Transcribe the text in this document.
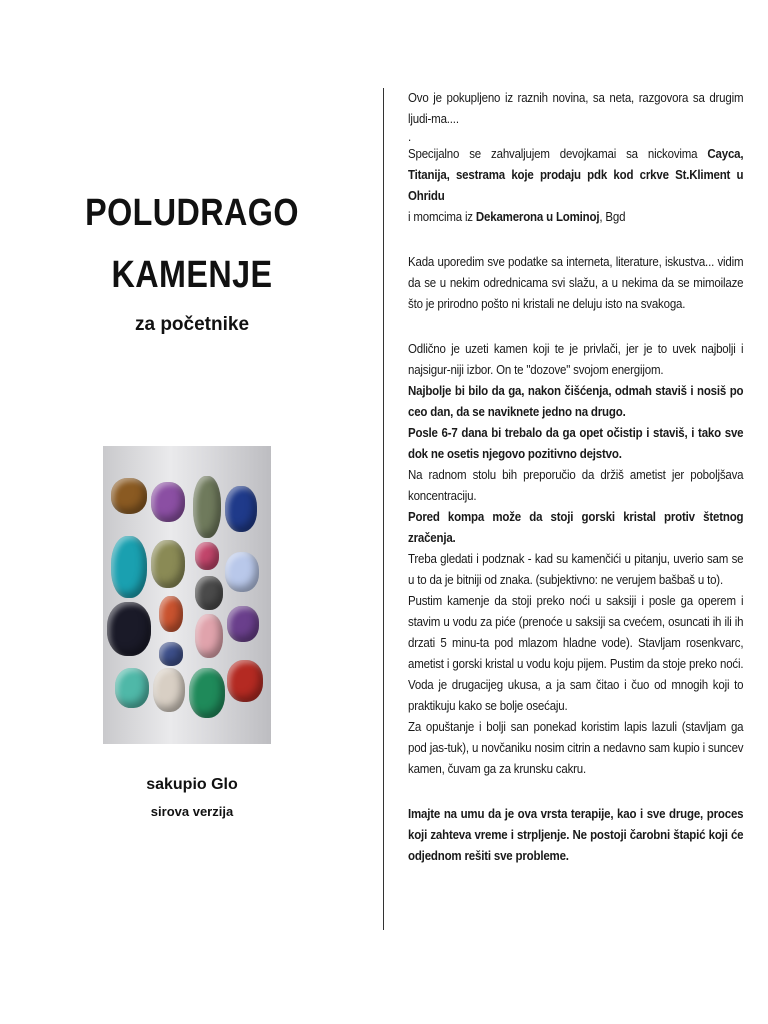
POLUDRAGO
KAMENJE
za početnike
sakupio Glo
sirova verzija

Ovo je pokupljeno iz raznih novina, sa neta, razgovora sa drugim ljudi-ma....

.

Specijalno se zahvaljujem devojkamai sa nickovima Cayca, Titanija, sestrama koje prodaju pdk kod crkve St.Kliment u Ohridu
i momcima iz Dekamerona u Lominoj, Bgd

Kada uporedim sve podatke sa interneta, literature, iskustva... vidim da se u nekim odrednicama svi slažu, a u nekima da se mimoilaze što je prirodno pošto ni kristali ne deluju isto na svakoga.

Odlično je uzeti kamen koji te je privlači, jer je to uvek najbolji i najsigur-niji izbor. On te "dozove" svojom energijom.

Najbolje bi bilo da ga, nakon čišćenja, odmah staviš i nosiš po ceo dan, da se naviknete jedno na drugo.

Posle 6-7 dana bi trebalo da ga opet očistip i staviš, i tako sve dok ne osetis njegovo pozitivno dejstvo.

Na radnom stolu bih preporučio da držiš ametist jer poboljšava koncentraciju.

Pored kompa može da stoji gorski kristal protiv štetnog zračenja.

Treba gledati i podznak - kad su kamenčići u pitanju, uverio sam se u to da je bitniji od znaka. (subjektivno: ne verujem bašbaš u to).

Pustim kamenje da stoji preko noći u saksiji i posle ga operem i stavim u vodu za piće (prenoće u saksiji sa cvećem, osuncati ih ili ih drzati 5 minu-ta pod mlazom hladne vode). Stavljam rosenkvarc, ametist i gorski kristal u vodu koju pijem. Pustim da stoje preko noći. Voda je drugacijeg ukusa, a ja sam čitao i čuo od mnogih koji to praktikuju kako se bolje osećaju.

Za opuštanje i bolji san ponekad koristim lapis lazuli (stavljam ga pod jas-tuk), u novčaniku nosim citrin a nedavno sam kupio i suncev kamen, čuvam ga za krunsku cakru.

Imajte na umu da je ova vrsta terapije, kao i sve druge, proces koji zahteva vreme i strpljenje. Ne postoji čarobni štapić koji će odjednom rešiti sve probleme.
